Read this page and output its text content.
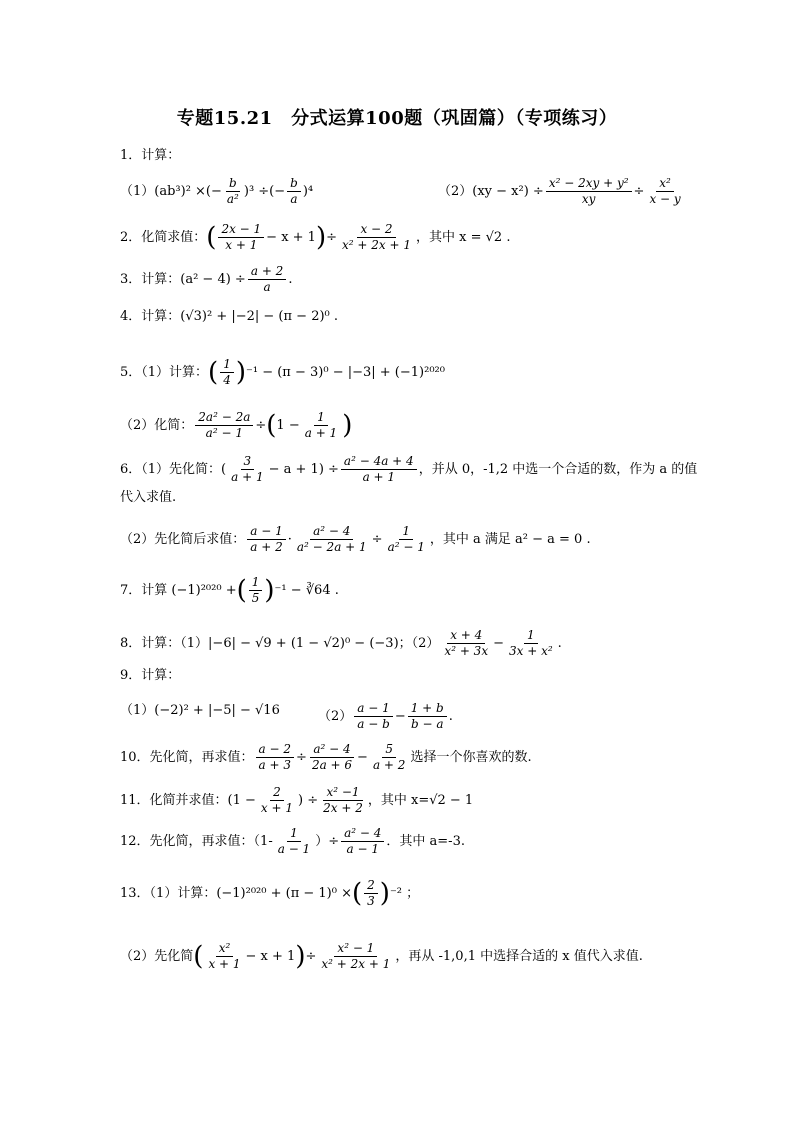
专题15.21　分式运算100题（巩固篇）（专项练习）
1．计算：
（1）(ab³)² ×(− $\frac{b}{\text{a²}} )^3$ ÷(− $\frac{b}{a} )^4$	$(2)(xy - x^2) \div \frac{\text{x² − 2xy + y²}}{xy} \div \frac{\text{x²}}{x - y}$
2．化简求值：( $\frac{2x - 1}{x + 1} - x + 1)\div \frac{x - 2}{\text{x² + 2x + 1}}$ ，其中 x = √2 .
3．计算：$(a^2 - 4) \div \frac{a + 2}{a}$ .
4．计算：(√3)² + |−2| − (π − 2)⁰ .
5．（1）计算：( $\frac{1}{4} )^{-1} - (\pi - 3)^0 - |-3| + (-1)^{2020}$
（2）化简： $\frac{\text{2a² − 2a}}{\text{a² − 1}} \div(1 - \frac{1}{a + 1}$ )
6．（1）先化简：( $\frac{3}{a + 1} - a + 1) \div \frac{\text{a² − 4a + 4}}{a + 1}$ ，并从 0，-1,2 中选一个合适的数，作为 a 的值
代入求值.
（2）先化简后求值： $\frac{a - 1}{a + 2} \cdot \frac{\text{a² − 4}}{\text{a² − 2a + 1}} \div \frac{1}{\text{a² − 1}}$ ，其中 a 满足 a² − a = 0 .
7．计算 (−1)²⁰²⁰ +( $\frac{1}{5} )^{-1}$ − ∛64 .
8．计算：（1）|−6| − √9 + (1 − √2)⁰ − (−3)；$(2) \frac{x + 4}{\text{x² + 3x}} - \frac{1}{\text{3x + x²}}$ .
9．计算：
（1）(−2)² + |−5| − √16	$(2) \frac{a - 1}{a - b} - \frac{1 + b}{b - a}$ .
10．先化简，再求值： $\frac{a - 2}{a + 3} \div \frac{\text{a² − 4}}{2a + 6} - \frac{5}{a + 2}$ 选择一个你喜欢的数.
11．化简并求值：($1 - \frac{2}{x + 1}$ ) ÷ $\frac{\text{x² −1}}{2x + 2}$ ，其中 x=√2 − 1
12．先化简，再求值：（$1- \frac{1}{a - 1}$ ）÷ $\frac{\text{a² − 4}}{a - 1}$ ．其中 a=-3.
13．（1）计算：(−1)²⁰²⁰ + (π − 1)⁰ ×( $\frac{2}{3} )^{-2}$ ；
（2）先化简( $\frac{\text{x²}}{x + 1} - x + 1)\div \frac{\text{x² − 1}}{\text{x² + 2x + 1}}$ ，再从 -1,0,1 中选择合适的 x 值代入求值.
